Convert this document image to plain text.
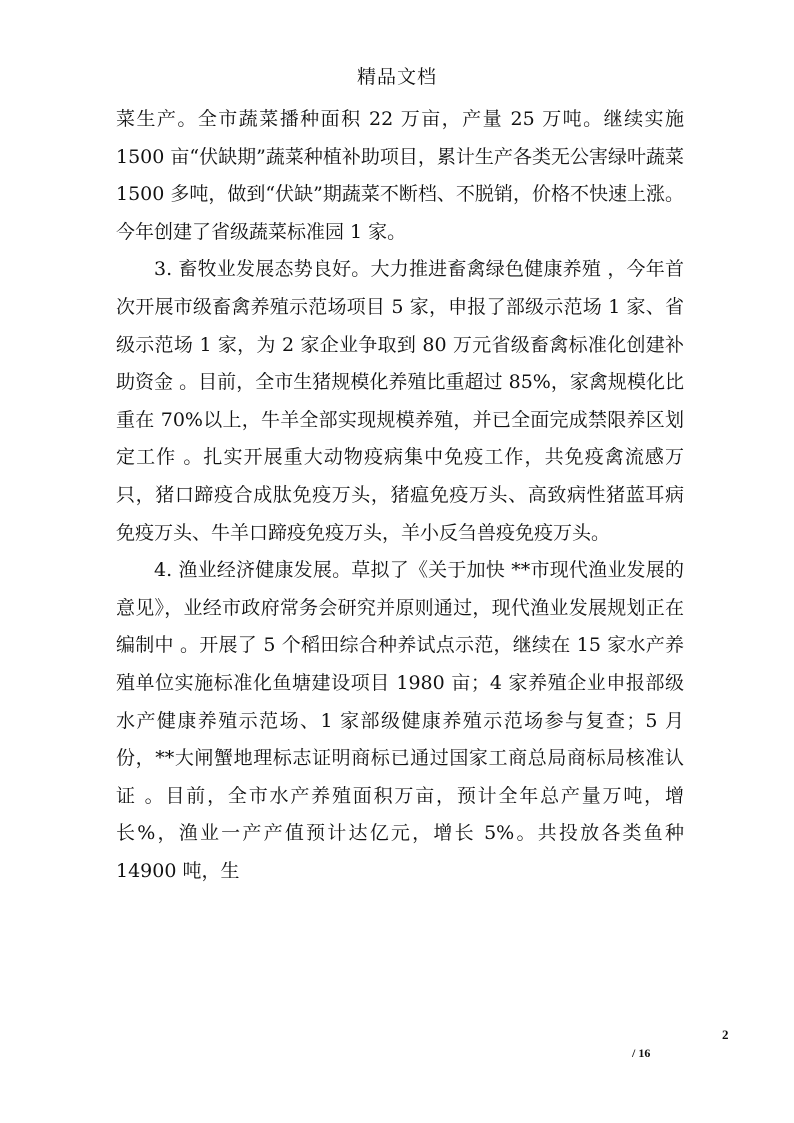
精品文档

菜生产。全市蔬菜播种面积 22 万亩，产量 25 万吨。继续实施 1500 亩“伏缺期”蔬菜种植补助项目，累计生产各类无公害绿叶蔬菜 1500 多吨，做到“伏缺”期蔬菜不断档、不脱销，价格不快速上涨。 今年创建了省级蔬菜标准园 1 家。

3. 畜牧业发展态势良好。大力推进畜禽绿色健康养殖 ，今年首次开展市级畜禽养殖示范场项目 5 家，申报了部级示范场 1 家、省级示范场 1 家，为 2 家企业争取到 80 万元省级畜禽标准化创建补助资金 。目前，全市生猪规模化养殖比重超过 85%，家禽规模化比重在 70%以上，牛羊全部实现规模养殖，并已全面完成禁限养区划定工作 。扎实开展重大动物疫病集中免疫工作，共免疫禽流感万只，猪口蹄疫合成肽免疫万头，猪瘟免疫万头、高致病性猪蓝耳病免疫万头、牛羊口蹄疫免疫万头，羊小反刍兽疫免疫万头。

4. 渔业经济健康发展。草拟了《关于加快 **市现代渔业发展的意见》，业经市政府常务会研究并原则通过，现代渔业发展规划正在编制中 。开展了 5 个稻田综合种养试点示范，继续在 15 家水产养殖单位实施标准化鱼塘建设项目 1980 亩；4 家养殖企业申报部级水产健康养殖示范场、1 家部级健康养殖示范场参与复查；5 月份，**大闸蟹地理标志证明商标已通过国家工商总局商标局核准认证 。目前，全市水产养殖面积万亩，预计全年总产量万吨，增长%，渔业一产产值预计达亿元，增长 5%。共投放各类鱼种 14900 吨，生

2
/ 16
